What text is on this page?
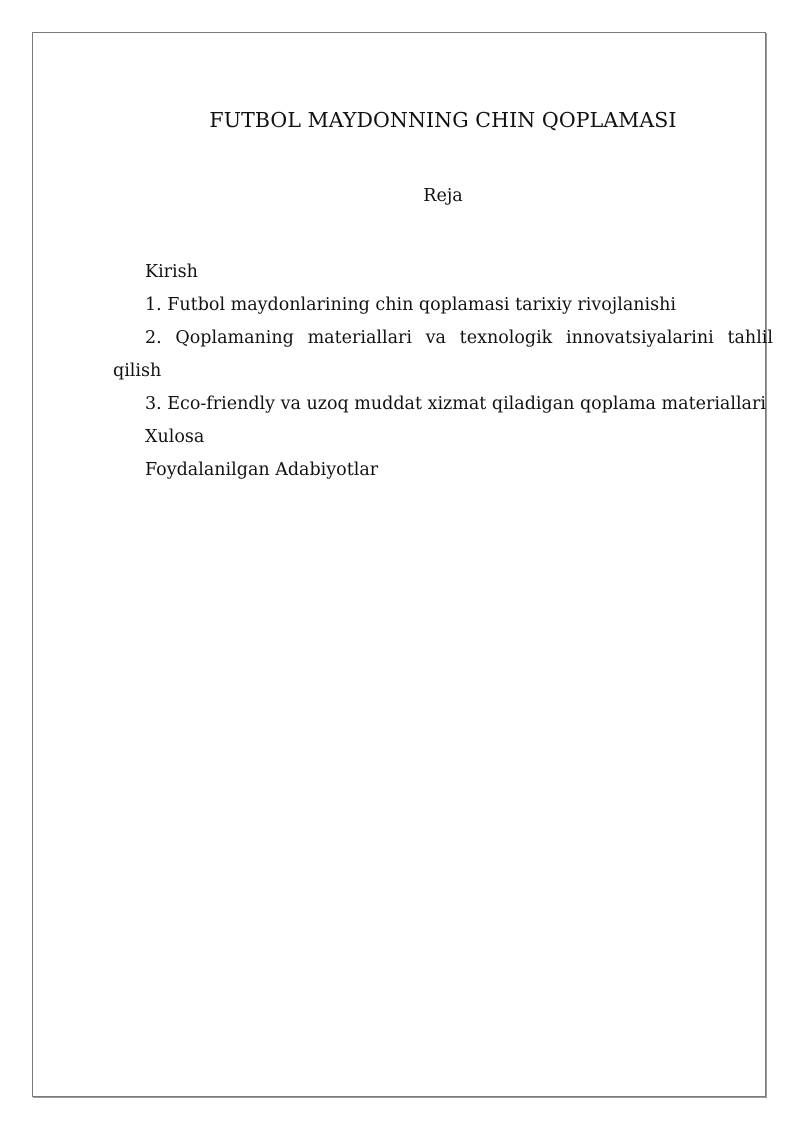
FUTBOL MAYDONNING CHIN QOPLAMASI
Reja

Kirish

1. Futbol maydonlarining chin qoplamasi tarixiy rivojlanishi

2. Qoplamaning materiallari va texnologik innovatsiyalarini tahlil qilish

3. Eco-friendly va uzoq muddat xizmat qiladigan qoplama materiallari

Xulosa

Foydalanilgan Adabiyotlar
